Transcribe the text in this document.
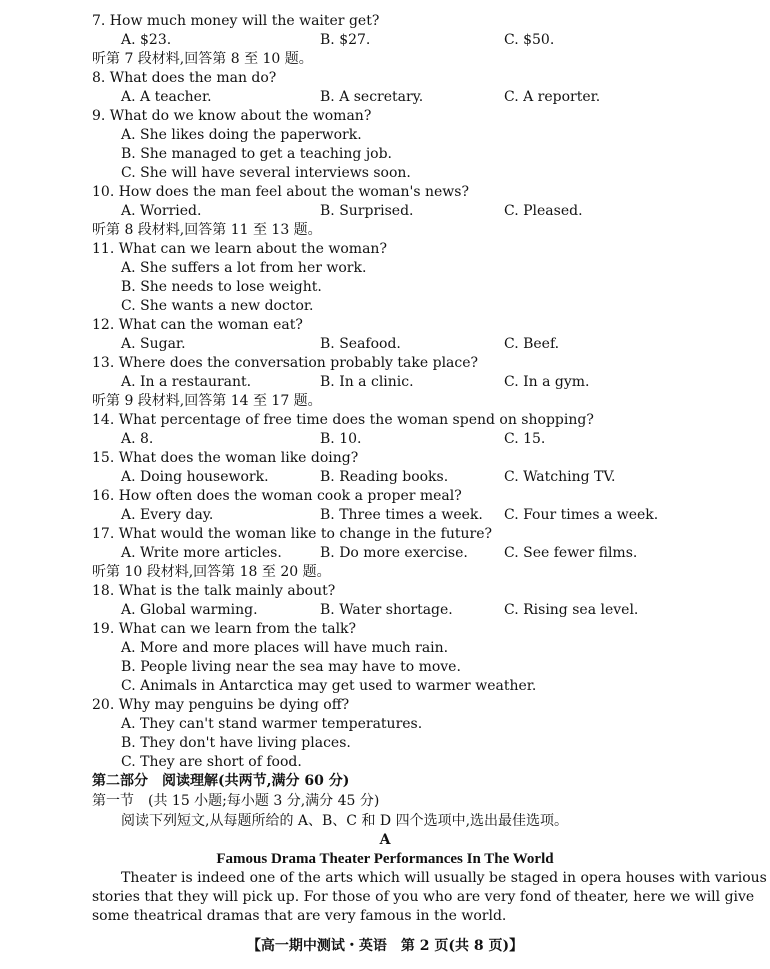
7. How much money will the waiter get?
A. $23.	B. $27.	C. $50.
听第 7 段材料,回答第 8 至 10 题。
8. What does the man do?
A. A teacher.	B. A secretary.	C. A reporter.
9. What do we know about the woman?
A. She likes doing the paperwork.
B. She managed to get a teaching job.
C. She will have several interviews soon.
10. How does the man feel about the woman's news?
A. Worried.	B. Surprised.	C. Pleased.
听第 8 段材料,回答第 11 至 13 题。
11. What can we learn about the woman?
A. She suffers a lot from her work.
B. She needs to lose weight.
C. She wants a new doctor.
12. What can the woman eat?
A. Sugar.	B. Seafood.	C. Beef.
13. Where does the conversation probably take place?
A. In a restaurant.	B. In a clinic.	C. In a gym.
听第 9 段材料,回答第 14 至 17 题。
14. What percentage of free time does the woman spend on shopping?
A. 8.	B. 10.	C. 15.
15. What does the woman like doing?
A. Doing housework.	B. Reading books.	C. Watching TV.
16. How often does the woman cook a proper meal?
A. Every day.	B. Three times a week. C. Four times a week.
17. What would the woman like to change in the future?
A. Write more articles.	B. Do more exercise.	C. See fewer films.
听第 10 段材料,回答第 18 至 20 题。
18. What is the talk mainly about?
A. Global warming.	B. Water shortage.	C. Rising sea level.
19. What can we learn from the talk?
A. More and more places will have much rain.
B. People living near the sea may have to move.
C. Animals in Antarctica may get used to warmer weather.
20. Why may penguins be dying off?
A. They can't stand warmer temperatures.
B. They don't have living places.
C. They are short of food.
第二部分　阅读理解(共两节,满分 60 分)
第一节　(共 15 小题;每小题 3 分,满分 45 分)
阅读下列短文,从每题所给的 A、B、C 和 D 四个选项中,选出最佳选项。
A
Famous Drama Theater Performances In The World
Theater is indeed one of the arts which will usually be staged in opera houses with various
stories that they will pick up. For those of you who are very fond of theater, here we will give
some theatrical dramas that are very famous in the world.
【高一期中测试・英语　第 2 页(共 8 页)】
